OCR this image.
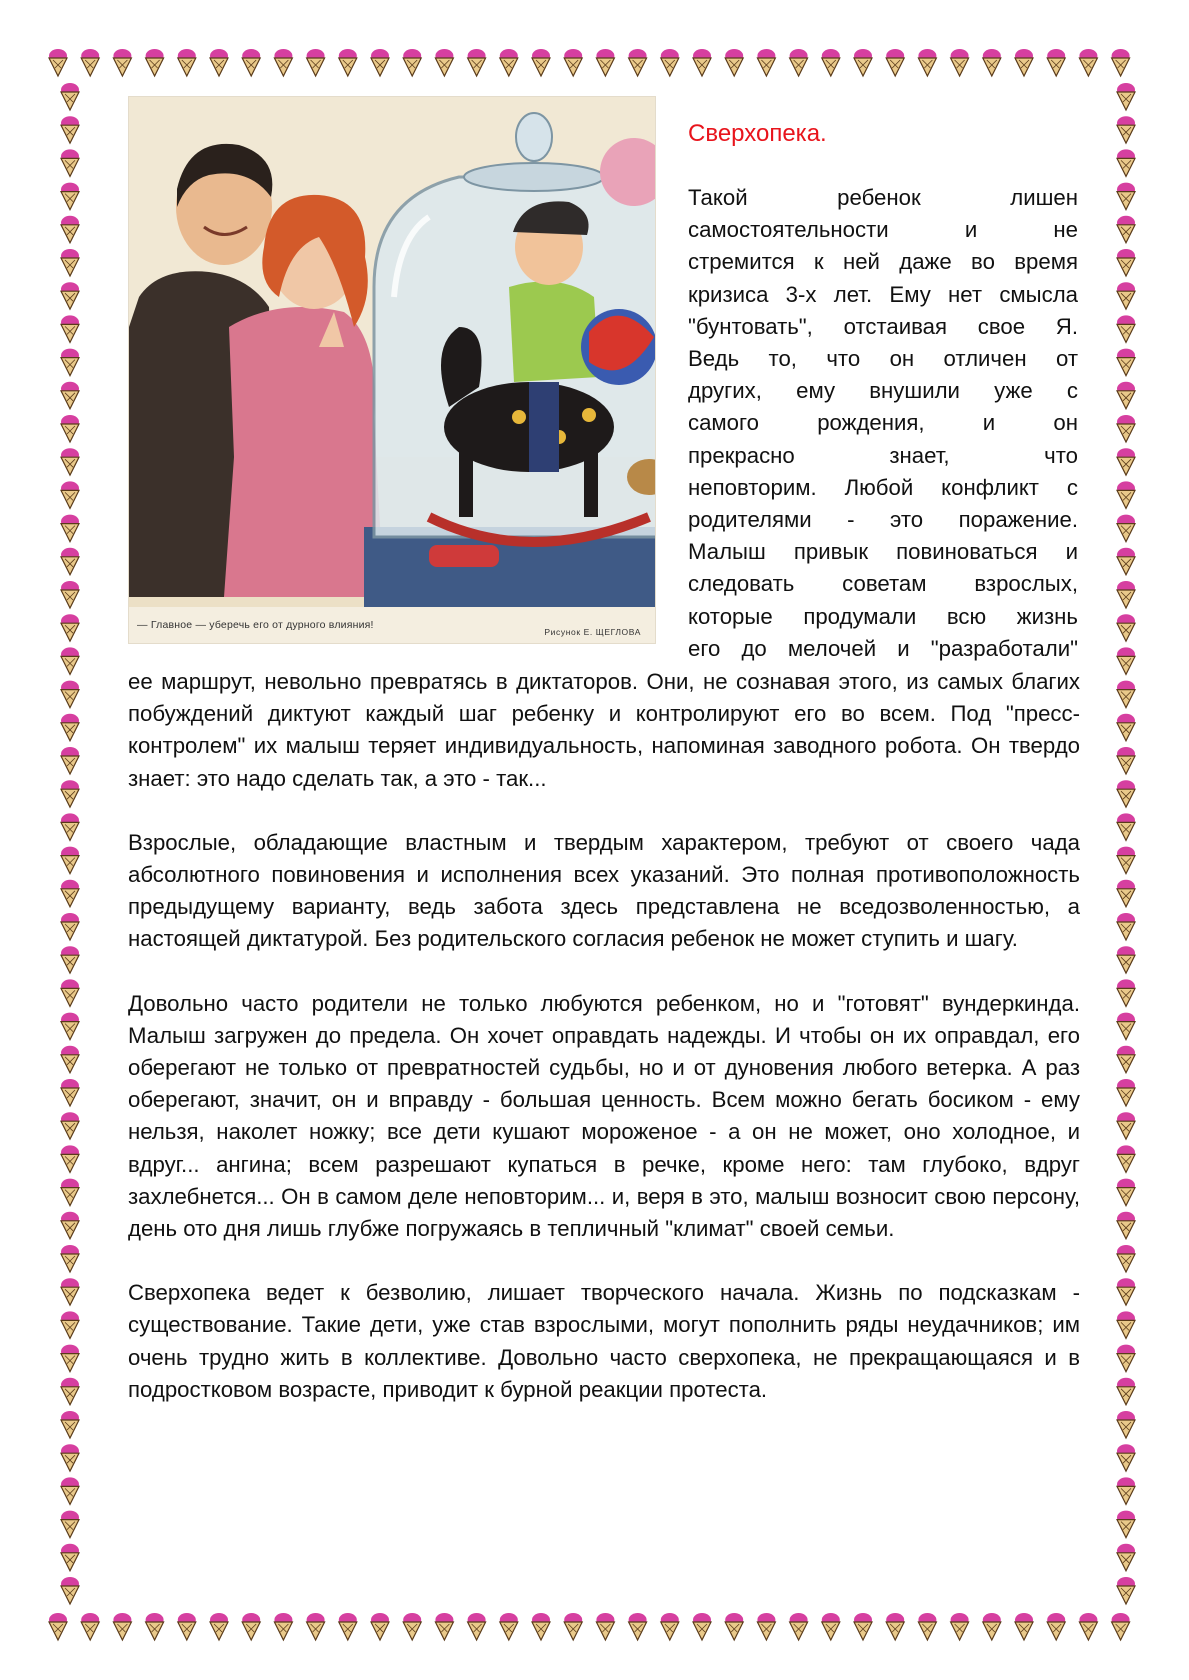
— Главное — уберечь его от дурного влияния!
Рисунок Е. ЩЕГЛОВА
Сверхопека.
Такой ребенок лишен
самостоятельности и не
стремится к ней даже во время
кризиса 3-х лет. Ему нет смысла
"бунтовать", отстаивая свое Я.
Ведь то, что он отличен от
других, ему внушили уже с
самого рождения, и он
прекрасно знает, что
неповторим. Любой конфликт с
родителями - это поражение.
Малыш привык повиноваться и
следовать советам взрослых,
которые продумали всю жизнь
его до мелочей и "разработали"

ее маршрут, невольно превратясь в диктаторов. Они, не сознавая этого, из самых благих побуждений диктуют каждый шаг ребенку и контролируют его во всем. Под "пресс-контролем" их малыш теряет индивидуальность, напоминая заводного робота. Он твердо знает: это надо сделать так, а это - так...

Взрослые, обладающие властным и твердым характером, требуют от своего чада абсолютного повиновения и исполнения всех указаний. Это полная противоположность предыдущему варианту, ведь забота здесь представлена не вседозволенностью, а настоящей диктатурой. Без родительского согласия ребенок не может ступить и шагу.

Довольно часто родители не только любуются ребенком, но и "готовят" вундеркинда. Малыш загружен до предела. Он хочет оправдать надежды. И чтобы он их оправдал, его оберегают не только от превратностей судьбы, но и от дуновения любого ветерка. А раз оберегают, значит, он и вправду - большая ценность. Всем можно бегать босиком - ему нельзя, наколет ножку; все дети кушают мороженое - а он не может, оно холодное, и вдруг... ангина; всем разрешают купаться в речке, кроме него: там глубоко, вдруг захлебнется... Он в самом деле неповторим... и, веря в это, малыш возносит свою персону, день ото дня лишь глубже погружаясь в тепличный "климат" своей семьи.

Сверхопека ведет к безволию, лишает творческого начала. Жизнь по подсказкам - существование. Такие дети, уже став взрослыми, могут пополнить ряды неудачников; им очень трудно жить в коллективе. Довольно часто сверхопека, не прекращающаяся и в подростковом возрасте, приводит к бурной реакции протеста.
